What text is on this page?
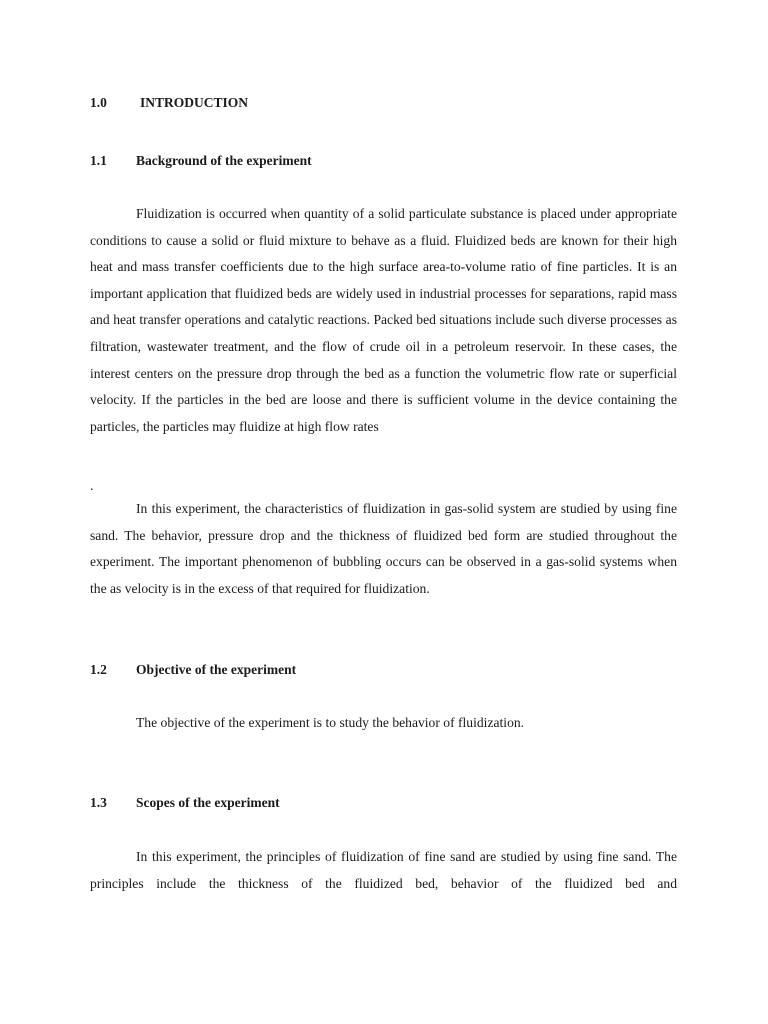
1.0 INTRODUCTION
1.1 Background of the experiment

Fluidization is occurred when quantity of a solid particulate substance is placed under appropriate conditions to cause a solid or fluid mixture to behave as a fluid. Fluidized beds are known for their high heat and mass transfer coefficients due to the high surface area-to-volume ratio of fine particles. It is an important application that fluidized beds are widely used in industrial processes for separations, rapid mass and heat transfer operations and catalytic reactions. Packed bed situations include such diverse processes as filtration, wastewater treatment, and the flow of crude oil in a petroleum reservoir. In these cases, the interest centers on the pressure drop through the bed as a function the volumetric flow rate or superficial velocity. If the particles in the bed are loose and there is sufficient volume in the device containing the particles, the particles may fluidize at high flow rates

.

In this experiment, the characteristics of fluidization in gas-solid system are studied by using fine sand. The behavior, pressure drop and the thickness of fluidized bed form are studied throughout the experiment. The important phenomenon of bubbling occurs can be observed in a gas-solid systems when the as velocity is in the excess of that required for fluidization.

1.2 Objective of the experiment

The objective of the experiment is to study the behavior of fluidization.

1.3 Scopes of the experiment

In this experiment, the principles of fluidization of fine sand are studied by using fine sand. The principles include the thickness of the fluidized bed, behavior of the fluidized bed and
